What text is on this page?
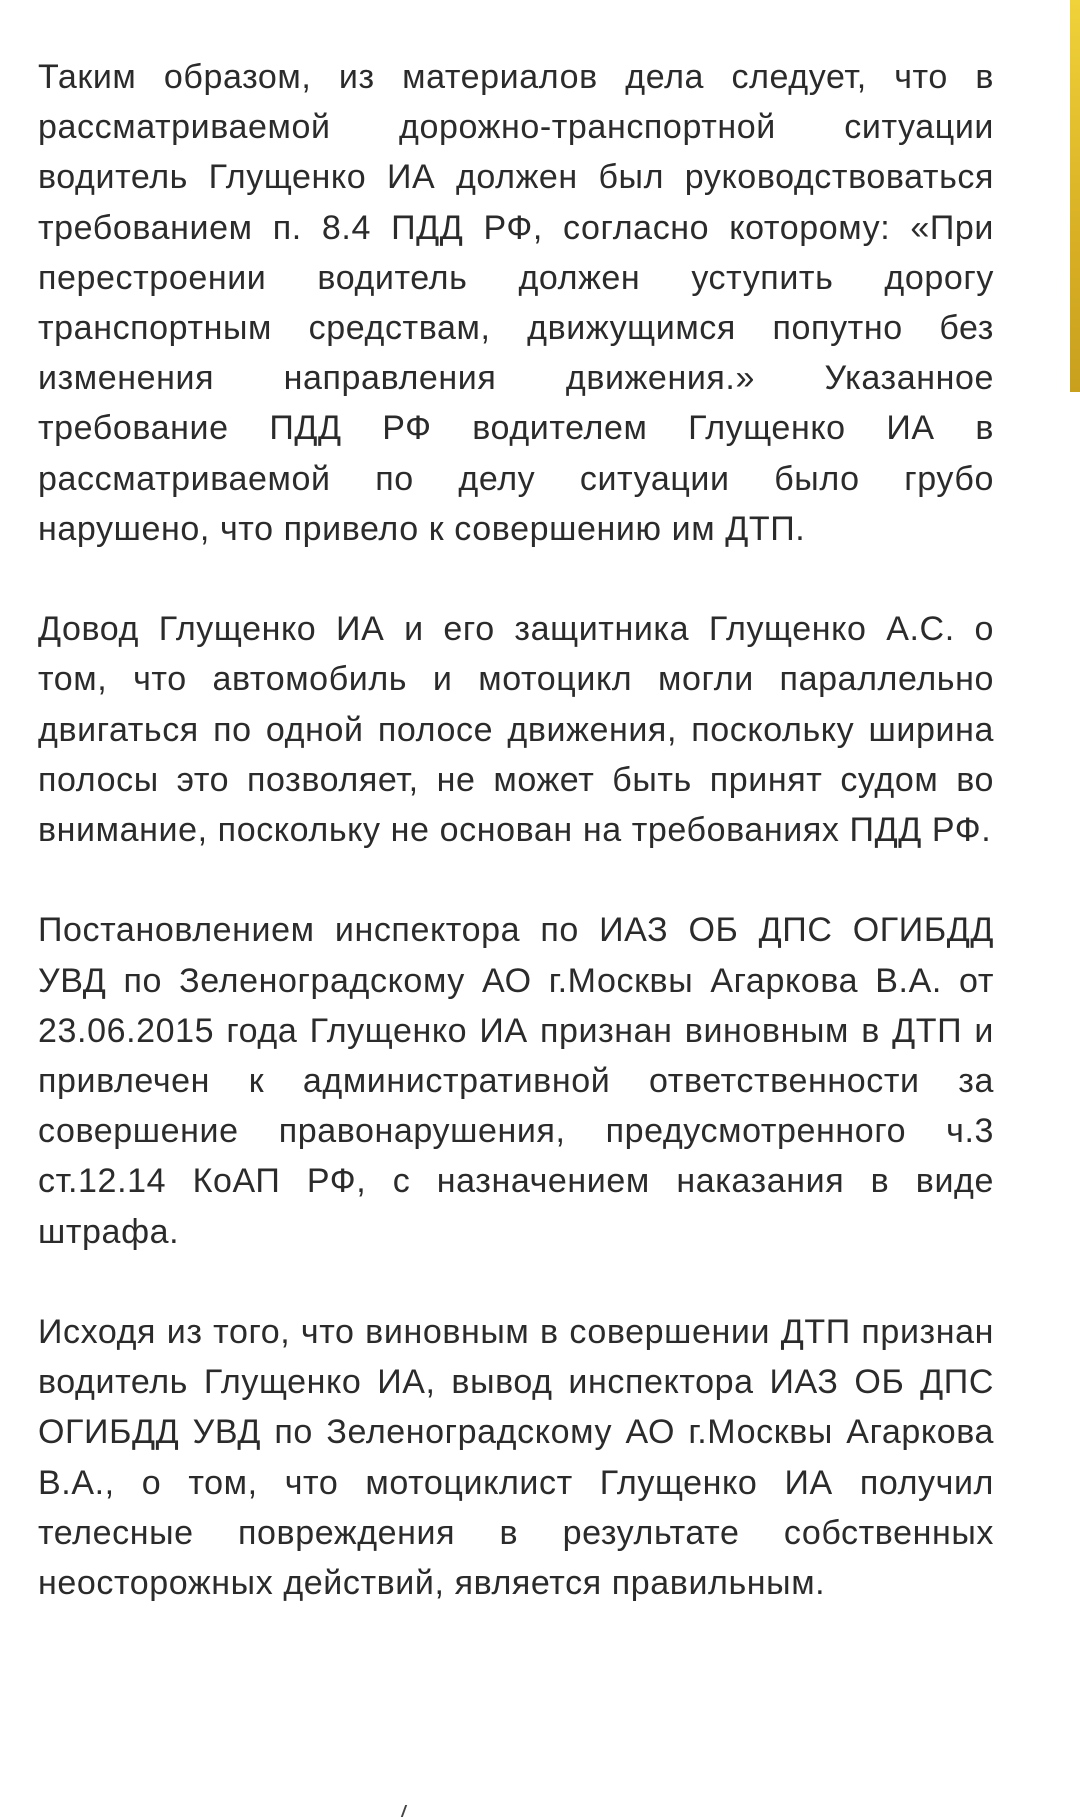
Таким образом, из материалов дела следует, что в рассматриваемой дорожно-транспортной ситуации водитель Глущенко ИА должен был руководствоваться требованием п. 8.4 ПДД РФ, согласно которому: «При перестроении водитель должен уступить дорогу транспортным средствам, движущимся попутно без изменения направления движения.» Указанное требование ПДД РФ водителем Глущенко ИА в рассматриваемой по делу ситуации было грубо нарушено, что привело к совершению им ДТП.

Довод Глущенко ИА и его защитника Глущенко А.С. о том, что автомобиль и мотоцикл могли параллельно двигаться по одной полосе движения, поскольку ширина полосы это позволяет, не может быть принят судом во внимание, поскольку не основан на требованиях ПДД РФ.

Постановлением инспектора по ИАЗ ОБ ДПС ОГИБДД УВД по Зеленоградскому АО г.Москвы Агаркова В.А. от 23.06.2015 года Глущенко ИА признан виновным в ДТП и привлечен к административной ответственности за совершение правонарушения, предусмотренного ч.3 ст.12.14 КоАП РФ, с назначением наказания в виде штрафа.

Исходя из того, что виновным в совершении ДТП признан водитель Глущенко ИА, вывод инспектора ИАЗ ОБ ДПС ОГИБДД УВД по Зеленоградскому АО г.Москвы Агаркова В.А., о том, что мотоциклист Глущенко ИА получил телесные повреждения в результате собственных неосторожных действий, является правильным.
